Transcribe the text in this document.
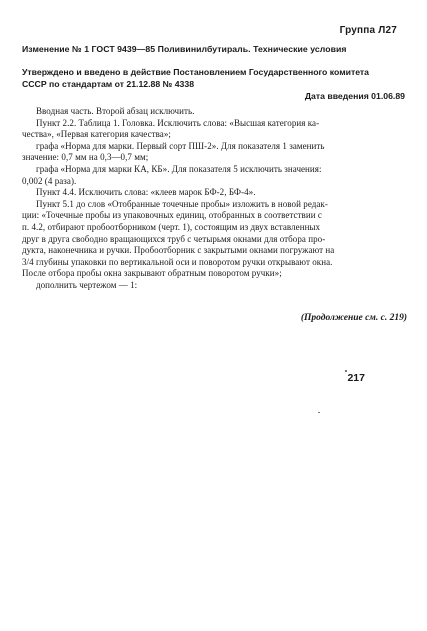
Группа Л27
Изменение № 1 ГОСТ 9439—85 Поливинилбутираль. Технические условия
Утверждено и введено в действие Постановлением Государственного комитета
СССР по стандартам от 21.12.88 № 4338
Дата введения 01.06.89
Вводная часть. Второй абзац исключить.
Пункт 2.2. Таблица 1. Головка. Исключить слова: «Высшая категория ка-
чества», «Первая категория качества»;
графа «Норма для марки. Первый сорт ПШ-2». Для показателя 1 заменить
значение: 0,7 мм на 0,3—0,7 мм;
графа «Норма для марки КА, КБ». Для показателя 5 исключить значения:
0,002 (4 раза).
Пункт 4.4. Исключить слова: «клеев марок БФ-2, БФ-4».
Пункт 5.1 до слов «Отобранные точечные пробы» изложить в новой редак-
ции: «Точечные пробы из упаковочных единиц, отобранных в соответствии с
п. 4.2, отбирают пробоотборником (черт. 1), состоящим из двух вставленных
друг в друга свободно вращающихся труб с четырьмя окнами для отбора про-
дукта, наконечника и ручки. Пробоотборник с закрытыми окнами погружают на
3/4 глубины упаковки по вертикальной оси и поворотом ручки открывают окна.
После отбора пробы окна закрывают обратным поворотом ручки»;
дополнить чертежом — 1:
(Продолжение см. с. 219)
217
